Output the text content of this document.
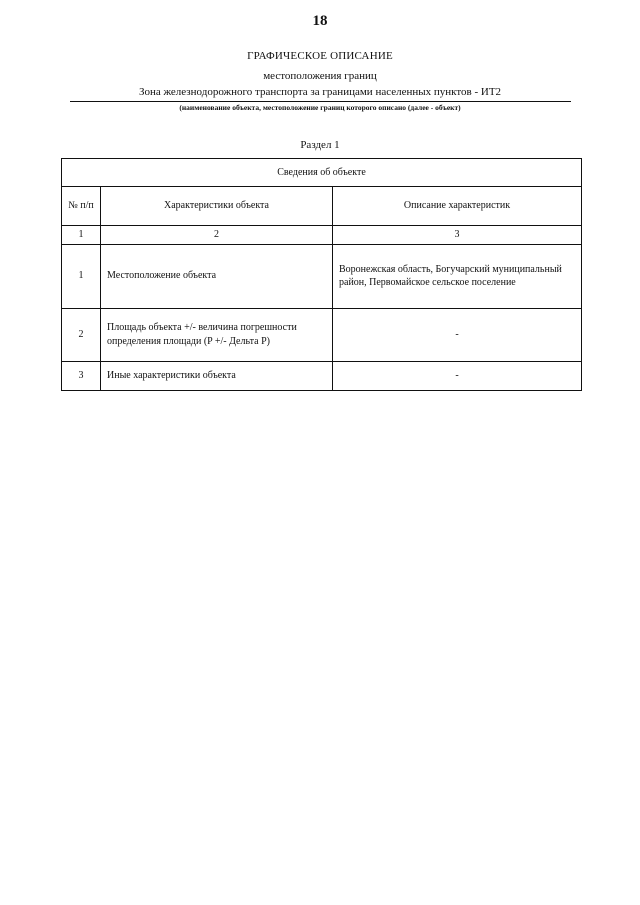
18
ГРАФИЧЕСКОЕ ОПИСАНИЕ
местоположения границ
Зона железнодорожного транспорта за границами населенных пунктов - ИТ2
(наименование объекта, местоположение границ которого описано (далее - объект)
Раздел 1
Сведения об объекте		
№ п/п	Характеристики объекта	Описание характеристик
1	2	3
1	Местоположение объекта	Воронежская область, Богучарский муниципальный район, Первомайское сельское поселение
2	Площадь объекта +/- величина погрешности определения площади (P +/- Дельта P)	-
3	Иные характеристики объекта	-
